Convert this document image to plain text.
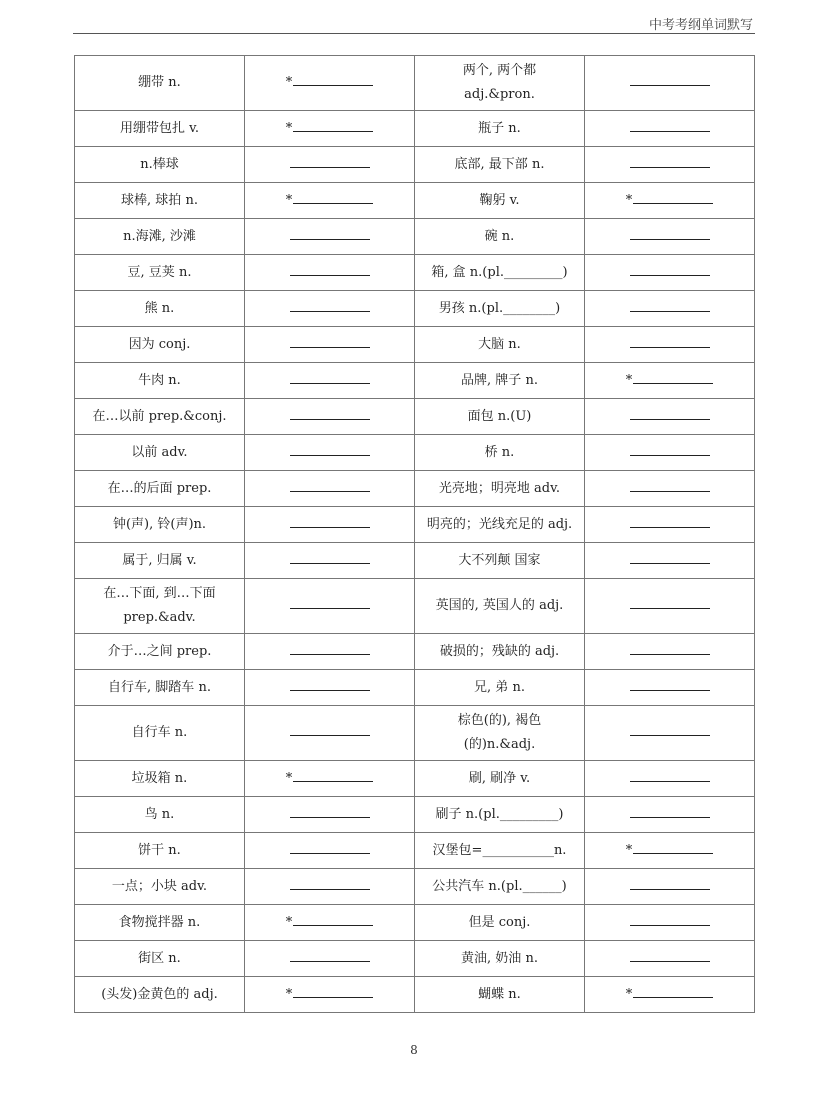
中考考纲单词默写
绷带 n.	*	两个, 两个都
adj.&pron.	
用绷带包扎 v.	*	瓶子 n.	
n.棒球		底部, 最下部 n.	
球棒, 球拍 n.	*	鞠躬 v.	*
n.海滩, 沙滩		碗 n.	
豆, 豆荚 n.		箱, 盒 n.(pl._________)	
熊 n.		男孩 n.(pl.________)	
因为 conj.		大脑 n.	
牛肉 n.		品牌, 牌子 n.	*
在…以前 prep.&conj.		面包 n.(U)	
以前 adv.		桥 n.	
在…的后面 prep.		光亮地；明亮地 adv.	
钟(声), 铃(声)n.		明亮的；光线充足的 adj.	
属于, 归属 v.		大不列颠 国家	
在…下面, 到…下面
prep.&adv.		英国的, 英国人的 adj.	
介于…之间 prep.		破损的；残缺的 adj.	
自行车, 脚踏车 n.		兄, 弟 n.	
自行车 n.		棕色(的), 褐色
(的)n.&adj.	
垃圾箱 n.	*	刷, 刷净 v.	
鸟 n.		刷子 n.(pl._________)	
饼干 n.		汉堡包=___________n.	*
一点；小块 adv.		公共汽车 n.(pl.______)	
食物搅拌器 n.	*	但是 conj.	
街区 n.		黄油, 奶油 n.	
(头发)金黄色的 adj.	*	蝴蝶 n.	*
8
